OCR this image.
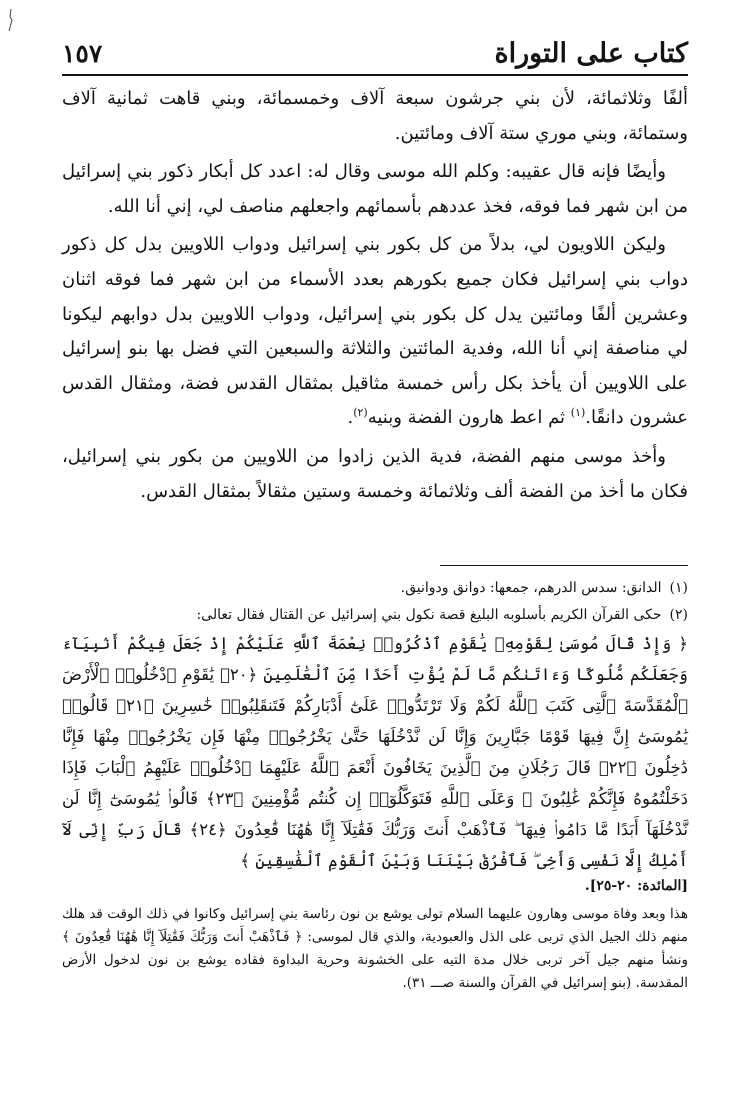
كتاب على التوراة
١٥٧

ألفًا وثلاثمائة، لأن بني جرشون سبعة آلاف وخمسمائة، وبني قاهت ثمانية آلاف وستمائة، وبني موري ستة آلاف ومائتين.

وأيضًا فإنه قال عقيبه: وكلم الله موسى وقال له: اعدد كل أبكار ذكور بني إسرائيل من ابن شهر فما فوقه، فخذ عددهم بأسمائهم واجعلهم مناصف لي، إني أنا الله.

وليكن اللاويون لي، بدلاً من كل بكور بني إسرائيل ودواب اللاويين بدل كل ذكور دواب بني إسرائيل فكان جميع بكورهم بعدد الأسماء من ابن شهر فما فوقه اثنان وعشرين ألفًا ومائتين يدل كل بكور بني إسرائيل، ودواب اللاويين بدل دوابهم ليكونا لي مناصفة إني أنا الله، وفدية المائتين والثلاثة والسبعين التي فضل بها بنو إسرائيل على اللاويين أن يأخذ بكل رأس خمسة مثاقيل بمثقال القدس فضة، ومثقال القدس عشرون دانقًا.$^{(١)}$ ثم اعط هارون الفضة وبنيه$^{(٢)}$.

وأخذ موسى منهم الفضة، فدية الذين زادوا من اللاويين من بكور بني إسرائيل، فكان ما أخذ من الفضة ألف وثلاثمائة وخمسة وستين مثقالاً بمثقال القدس.

(١)الدانق: سدس الدرهم، جمعها: دوانق ودوانيق.

(٢)حكى القرآن الكريم بأسلوبه البليغ قصة نكول بني إسرائيل عن القتال فقال تعالى:
﴿ وَإِذْ قَالَ مُوسَىٰ لِقَوْمِهِۦ يَٰقَوْمِ ٱذْكُرُوا۟ نِعْمَةَ ٱللَّهِ عَلَيْكُمْ إِذْ جَعَلَ فِيكُمْ أَنۢبِيَآءَ وَجَعَلَكُم مُّلُوكًا وَءَاتَىٰكُم مَّا لَمْ يُؤْتِ أَحَدًا مِّنَ ٱلْعَٰلَمِينَ ﴿٢٠﴾ يَٰقَوْمِ ٱدْخُلُوا۟ ٱلْأَرْضَ ٱلْمُقَدَّسَةَ ٱلَّتِى كَتَبَ ٱللَّهُ لَكُمْ وَلَا تَرْتَدُّوا۟ عَلَىٰٓ أَدْبَارِكُمْ فَتَنقَلِبُوا۟ خَٰسِرِينَ ﴿٢١﴾ قَالُوا۟ يَٰمُوسَىٰٓ إِنَّ فِيهَا قَوْمًا جَبَّارِينَ وَإِنَّا لَن نَّدْخُلَهَا حَتَّىٰ يَخْرُجُوا۟ مِنْهَا فَإِن يَخْرُجُوا۟ مِنْهَا فَإِنَّا دَٰخِلُونَ ﴿٢٢﴾ قَالَ رَجُلَانِ مِنَ ٱلَّذِينَ يَخَافُونَ أَنْعَمَ ٱللَّهُ عَلَيْهِمَا ٱدْخُلُوا۟ عَلَيْهِمُ ٱلْبَابَ فَإِذَا دَخَلْتُمُوهُ فَإِنَّكُمْ غَٰلِبُونَ ۚ وَعَلَى ٱللَّهِ فَتَوَكَّلُوٓا۟ إِن كُنتُم مُّؤْمِنِينَ ﴿٢٣﴾ قَالُوا۟ يَٰمُوسَىٰٓ إِنَّا لَن نَّدْخُلَهَآ أَبَدًا مَّا دَامُوا۟ فِيهَا ۖ فَٱذْهَبْ أَنتَ وَرَبُّكَ فَقَٰتِلَآ إِنَّا هَٰهُنَا قَٰعِدُونَ ﴿٢٤﴾ قَالَ رَبِّ إِنِّى لَآ أَمْلِكُ إِلَّا نَفْسِى وَأَخِى ۖ فَٱفْرُقْ بَيْنَنَا وَبَيْنَ ٱلْقَوْمِ ٱلْفَٰسِقِينَ ﴾
[المائدة: ٢٠-٢٥].

هذا وبعد وفاة موسى وهارون عليهما السلام تولى يوشع بن نون رئاسة بني إسرائيل وكانوا في ذلك الوقت قد هلك منهم ذلك الجيل الذي تربى على الذل والعبودية، والذي قال لموسى: ﴿ فَٱذْهَبْ أَنتَ وَرَبُّكَ فَقَٰتِلَآ إِنَّا هَٰهُنَا قَٰعِدُونَ ﴾ ونشأ منهم جيل آخر تربى خلال مدة التيه على الخشونة وحرية البداوة فقاده يوشع بن نون لدخول الأرض المقدسة. (بنو إسرائيل في القرآن والسنة صـــ ٣١).
